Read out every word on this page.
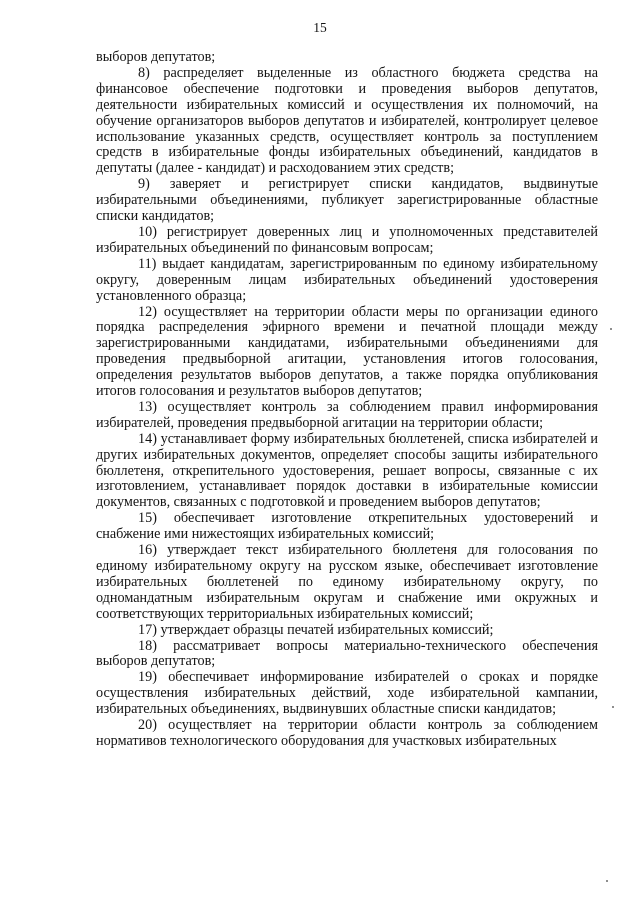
15

выборов депутатов;

8) распределяет выделенные из областного бюджета средства на финансовое обеспечение подготовки и проведения выборов депутатов, деятельности избирательных комиссий и осуществления их полномочий, на обучение организаторов выборов депутатов и избирателей, контролирует целевое использование указанных средств, осуществляет контроль за поступлением средств в избирательные фонды избирательных объединений, кандидатов в депутаты (далее - кандидат) и расходованием этих средств;

9) заверяет и регистрирует списки кандидатов, выдвинутые избирательными объединениями, публикует зарегистрированные областные списки кандидатов;

10) регистрирует доверенных лиц и уполномоченных представителей избирательных объединений по финансовым вопросам;

11) выдает кандидатам, зарегистрированным по единому избирательному округу, доверенным лицам избирательных объединений удостоверения установленного образца;

12) осуществляет на территории области меры по организации единого порядка распределения эфирного времени и печатной площади между зарегистрированными кандидатами, избирательными объединениями для проведения предвыборной агитации, установления итогов голосования, определения результатов выборов депутатов, а также порядка опубликования итогов голосования и результатов выборов депутатов;

13) осуществляет контроль за соблюдением правил информирования избирателей, проведения предвыборной агитации на территории области;

14) устанавливает форму избирательных бюллетеней, списка избирателей и других избирательных документов, определяет способы защиты избирательного бюллетеня, открепительного удостоверения, решает вопросы, связанные с их изготовлением, устанавливает порядок доставки в избирательные комиссии документов, связанных с подготовкой и проведением выборов депутатов;

15) обеспечивает изготовление открепительных удостоверений и снабжение ими нижестоящих избирательных комиссий;

16) утверждает текст избирательного бюллетеня для голосования по единому избирательному округу на русском языке, обеспечивает изготовление избирательных бюллетеней по единому избирательному округу, по одномандатным избирательным округам и снабжение ими окружных и соответствующих территориальных избирательных комиссий;

17) утверждает образцы печатей избирательных комиссий;

18) рассматривает вопросы материально-технического обеспечения выборов депутатов;

19) обеспечивает информирование избирателей о сроках и порядке осуществления избирательных действий, ходе избирательной кампании, избирательных объединениях, выдвинувших областные списки кандидатов;

20) осуществляет на территории области контроль за соблюдением нормативов технологического оборудования для участковых избирательных
